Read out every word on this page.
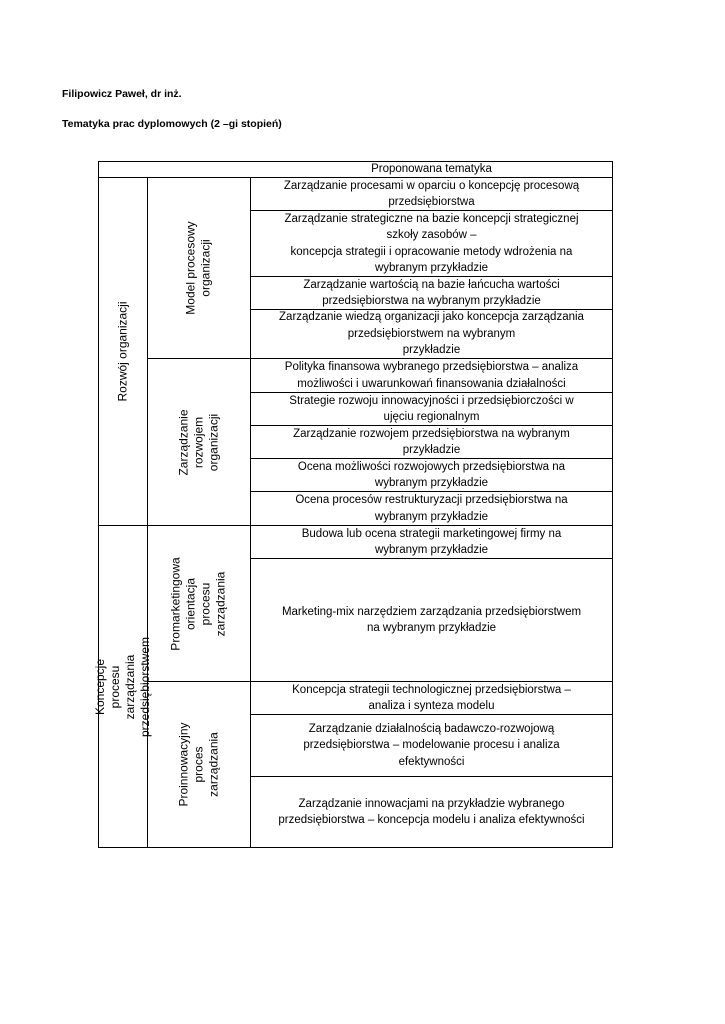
Filipowicz Paweł, dr inż.
Tematyka prac dyplomowych (2 –gi stopień)
Proponowana tematyka
Rozwój organizacji
Koncepcje procesu zarządzania
przedsiębiorstwem
Model procesowy
organizacji
Zarządzanie
rozwojem
organizacji
Promarketingowa
orientacja
procesu
zarządzania
Proinnowacyjny
proces zarządzania
Zarządzanie procesami w oparciu o koncepcję procesową
przedsiębiorstwa
Zarządzanie strategiczne na bazie koncepcji strategicznej
szkoły zasobów –
koncepcja strategii i opracowanie metody wdrożenia na
wybranym przykładzie
Zarządzanie wartością na bazie łańcucha wartości
przedsiębiorstwa na wybranym przykładzie
Zarządzanie wiedzą organizacji jako koncepcja zarządzania
przedsiębiorstwem na wybranym
przykładzie
Polityka finansowa wybranego przedsiębiorstwa – analiza
możliwości i uwarunkowań finansowania działalności
Strategie rozwoju innowacyjności i przedsiębiorczości w
ujęciu regionalnym
Zarządzanie rozwojem przedsiębiorstwa na wybranym
przykładzie
Ocena możliwości rozwojowych przedsiębiorstwa na
wybranym przykładzie
Ocena procesów restrukturyzacji przedsiębiorstwa na
wybranym przykładzie
Budowa lub ocena strategii marketingowej firmy na
wybranym przykładzie
Marketing-mix narzędziem zarządzania przedsiębiorstwem
na wybranym przykładzie
Koncepcja strategii technologicznej przedsiębiorstwa –
analiza i synteza modelu
Zarządzanie działalnością badawczo-rozwojową
przedsiębiorstwa – modelowanie procesu i analiza
efektywności
Zarządzanie innowacjami na przykładzie wybranego
przedsiębiorstwa – koncepcja modelu i analiza efektywności
